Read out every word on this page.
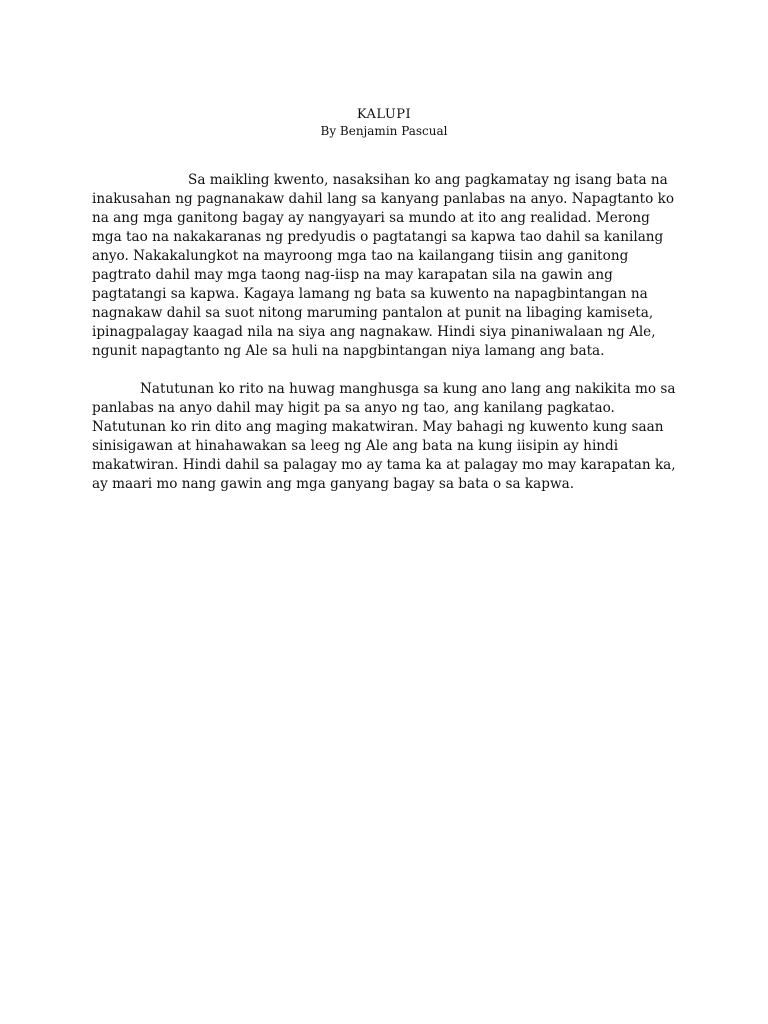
KALUPI
By Benjamin Pascual

Sa maikling kwento, nasaksihan ko ang pagkamatay ng isang bata na inakusahan ng pagnanakaw dahil lang sa kanyang panlabas na anyo. Napagtanto ko na ang mga ganitong bagay ay nangyayari sa mundo at ito ang realidad. Merong mga tao na nakakaranas ng predyudis o pagtatangi sa kapwa tao dahil sa kanilang anyo. Nakakalungkot na mayroong mga tao na kailangang tiisin ang ganitong pagtrato dahil may mga taong nag-iisp na may karapatan sila na gawin ang pagtatangi sa kapwa. Kagaya lamang ng bata sa kuwento na napagbintangan na nagnakaw dahil sa suot nitong maruming pantalon at punit na libaging kamiseta, ipinagpalagay kaagad nila na siya ang nagnakaw. Hindi siya pinaniwalaan ng Ale, ngunit napagtanto ng Ale sa huli na napgbintangan niya lamang ang bata.

Natutunan ko rito na huwag manghusga sa kung ano lang ang nakikita mo sa panlabas na anyo dahil may higit pa sa anyo ng tao, ang kanilang pagkatao. Natutunan ko rin dito ang maging makatwiran. May bahagi ng kuwento kung saan sinisigawan at hinahawakan sa leeg ng Ale ang bata na kung iisipin ay hindi makatwiran. Hindi dahil sa palagay mo ay tama ka at palagay mo may karapatan ka, ay maari mo nang gawin ang mga ganyang bagay sa bata o sa kapwa.
